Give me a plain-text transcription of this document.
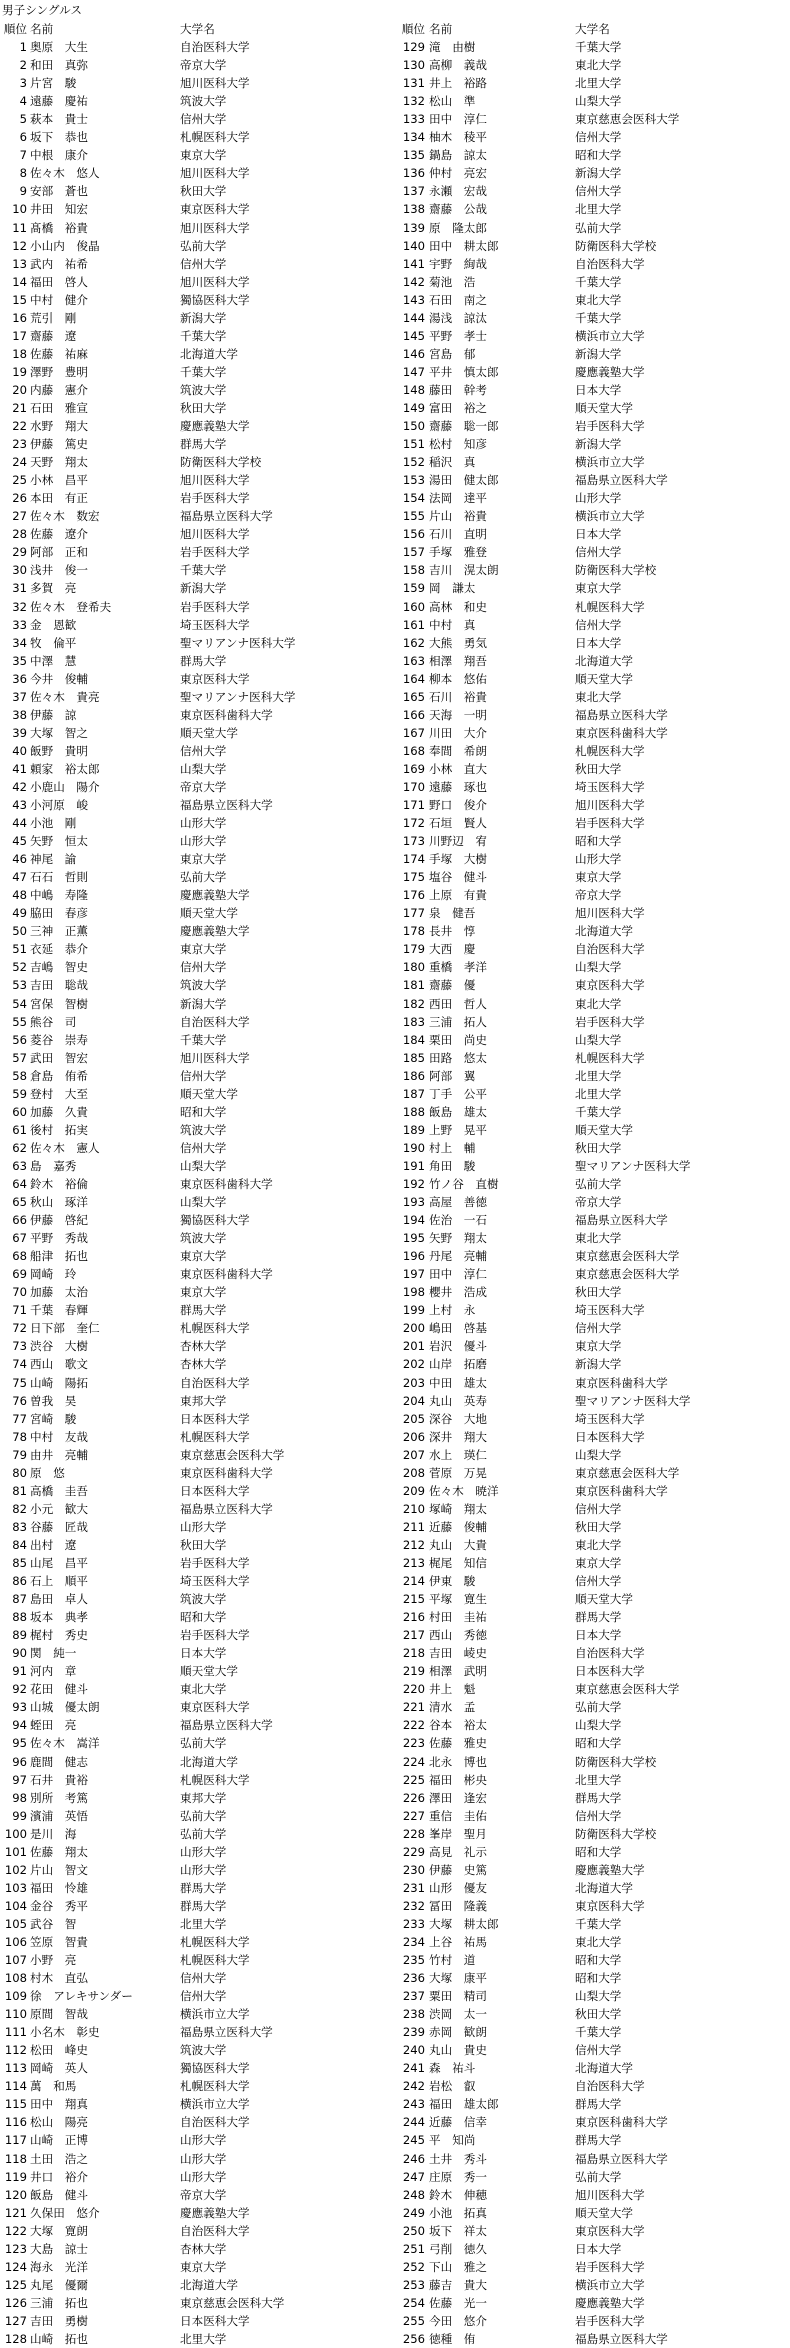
男子シングルス
順位 名前	大学名
1 奥原　大生	自治医科大学
2 和田　真弥	帝京大学
3 片宮　駿	旭川医科大学
4 遠藤　慶祐	筑波大学
5 萩本　貴士	信州大学
6 坂下　恭也	札幌医科大学
7 中根　康介	東京大学
8 佐々木　悠人	旭川医科大学
9 安部　蒼也	秋田大学
10 井田　知宏	東京医科大学
11 髙橋　裕貴	旭川医科大学
12 小山内　俊晶	弘前大学
13 武内　祐希	信州大学
14 福田　啓人	旭川医科大学
15 中村　健介	獨協医科大学
16 荒引　剛	新潟大学
17 齋藤　遼	千葉大学
18 佐藤　祐麻	北海道大学
19 澤野　豊明	千葉大学
20 内藤　憲介	筑波大学
21 石田　雅宣	秋田大学
22 水野　翔大	慶應義塾大学
23 伊藤　篤史	群馬大学
24 天野　翔太	防衛医科大学校
25 小林　昌平	旭川医科大学
26 本田　有正	岩手医科大学
27 佐々木　数宏	福島県立医科大学
28 佐藤　遼介	旭川医科大学
29 阿部　正和	岩手医科大学
30 浅井　俊一	千葉大学
31 多賀　亮	新潟大学
32 佐々木　登希夫	岩手医科大学
33 金　恩歓	埼玉医科大学
34 牧　倫平	聖マリアンナ医科大学
35 中澤　慧	群馬大学
36 今井　俊輔	東京医科大学
37 佐々木　貴亮	聖マリアンナ医科大学
38 伊藤　諒	東京医科歯科大学
39 大塚　智之	順天堂大学
40 飯野　貴明	信州大学
41 頼家　裕太郎	山梨大学
42 小鹿山　陽介	帝京大学
43 小河原　峻	福島県立医科大学
44 小池　剛	山形大学
45 矢野　恒太	山形大学
46 神尾　諭	東京大学
47 石石　哲則	弘前大学
48 中嶋　寿隆	慶應義塾大学
49 脇田　春彦	順天堂大学
50 三神　正薫	慶應義塾大学
51 衣延　恭介	東京大学
52 吉嶋　智史	信州大学
53 吉田　聡哉	筑波大学
54 宮保　智樹	新潟大学
55 熊谷　司	自治医科大学
56 菱谷　崇寿	千葉大学
57 武田　智宏	旭川医科大学
58 倉島　侑希	信州大学
59 登村　大至	順天堂大学
60 加藤　久貴	昭和大学
61 後村　拓実	筑波大学
62 佐々木　憲人	信州大学
63 島　嘉秀	山梨大学
64 鈴木　裕倫	東京医科歯科大学
65 秋山　琢洋	山梨大学
66 伊藤　啓紀	獨協医科大学
67 平野　秀哉	筑波大学
68 船津　拓也	東京大学
69 岡崎　玲	東京医科歯科大学
70 加藤　太治	東京大学
71 千葉　春輝	群馬大学
72 日下部　奎仁	札幌医科大学
73 渋谷　大樹	杏林大学
74 西山　歌文	杏林大学
75 山崎　陽拓	自治医科大学
76 曽我　昊	東邦大学
77 宮崎　駿	日本医科大学
78 中村　友哉	札幌医科大学
79 由井　亮輔	東京慈恵会医科大学
80 原　悠	東京医科歯科大学
81 高橋　圭吾	日本医科大学
82 小元　歓大	福島県立医科大学
83 谷藤　匠哉	山形大学
84 出村　遼	秋田大学
85 山尾　昌平	岩手医科大学
86 石上　順平	埼玉医科大学
87 島田　卓人	筑波大学
88 坂本　典孝	昭和大学
89 梶村　秀史	岩手医科大学
90 関　純一	日本大学
91 河内　章	順天堂大学
92 花田　健斗	東北大学
93 山城　優太朗	東京医科大学
94 蛭田　亮	福島県立医科大学
95 佐々木　嵩洋	弘前大学
96 鹿間　健志	北海道大学
97 石井　貴裕	札幌医科大学
98 別所　考篤	東邦大学
99 濱浦　英悟	弘前大学
100 是川　海	弘前大学
101 佐藤　翔太	山形大学
102 片山　智文	山形大学
103 福田　怜雄	群馬大学
104 金谷　秀平	群馬大学
105 武谷　智	北里大学
106 笠原　智貴	札幌医科大学
107 小野　亮	札幌医科大学
108 村木　直弘	信州大学
109 徐　アレキサンダー	信州大学
110 原間　智哉	横浜市立大学
111 小名木　彰史	福島県立医科大学
112 松田　峰史	筑波大学
113 岡崎　英人	獨協医科大学
114 萬　和馬	札幌医科大学
115 田中　翔真	横浜市立大学
116 松山　陽亮	自治医科大学
117 山崎　正博	山形大学
118 土田　浩之	山形大学
119 井口　裕介	山形大学
120 飯島　健斗	帝京大学
121 久保田　悠介	慶應義塾大学
122 大塚　寛朗	自治医科大学
123 大島　諒士	杏林大学
124 海永　光洋	東京大学
125 丸尾　優爾	北海道大学
126 三浦　拓也	東京慈恵会医科大学
127 吉田　勇樹	日本医科大学
128 山崎　拓也	北里大学
順位 名前	大学名
129 滝　由樹	千葉大学
130 高柳　義哉	東北大学
131 井上　裕路	北里大学
132 松山　準	山梨大学
133 田中　淳仁	東京慈恵会医科大学
134 柚木　稜平	信州大学
135 鍋島　諒太	昭和大学
136 仲村　亮宏	新潟大学
137 永瀬　宏哉	信州大学
138 齋藤　公哉	北里大学
139 原　隆太郎	弘前大学
140 田中　耕太郎	防衛医科大学校
141 宇野　絢哉	自治医科大学
142 菊池　浩	千葉大学
143 石田　南之	東北大学
144 湯浅　諒汰	千葉大学
145 平野　孝士	横浜市立大学
146 宮島　郁	新潟大学
147 平井　慎太郎	慶應義塾大学
148 藤田　幹考	日本大学
149 富田　裕之	順天堂大学
150 齋藤　聡一郎	岩手医科大学
151 松村　知彦	新潟大学
152 稲沢　真	横浜市立大学
153 湯田　健太郎	福島県立医科大学
154 法岡　達平	山形大学
155 片山　裕貴	横浜市立大学
156 石川　直明	日本大学
157 手塚　雅登	信州大学
158 吉川　滉太朗	防衛医科大学校
159 岡　謙太	東京大学
160 高林　和史	札幌医科大学
161 中村　真	信州大学
162 大熊　勇気	日本大学
163 相澤　翔吾	北海道大学
164 柳本　悠佑	順天堂大学
165 石川　裕貴	東北大学
166 天海　一明	福島県立医科大学
167 川田　大介	東京医科歯科大学
168 奉間　希朗	札幌医科大学
169 小林　直大	秋田大学
170 遠藤　琢也	埼玉医科大学
171 野口　俊介	旭川医科大学
172 石垣　賢人	岩手医科大学
173 川野辺　宥	昭和大学
174 手塚　大樹	山形大学
175 塩谷　健斗	東京大学
176 上原　有貴	帝京大学
177 泉　健吾	旭川医科大学
178 長井　惇	北海道大学
179 大西　慶	自治医科大学
180 重橋　孝洋	山梨大学
181 齋藤　優	東京医科大学
182 西田　哲人	東北大学
183 三浦　拓人	岩手医科大学
184 栗田　尚史	山梨大学
185 田路　悠太	札幌医科大学
186 阿部　翼	北里大学
187 丁手　公平	北里大学
188 飯島　雄太	千葉大学
189 上野　晃平	順天堂大学
190 村上　輔	秋田大学
191 角田　駿	聖マリアンナ医科大学
192 竹ノ谷　直樹	弘前大学
193 高屋　善徳	帝京大学
194 佐治　一石	福島県立医科大学
195 矢野　翔太	東北大学
196 丹尾　亮輔	東京慈恵会医科大学
197 田中　淳仁	東京慈恵会医科大学
198 櫻井　浩成	秋田大学
199 上村　永	埼玉医科大学
200 嶋田　啓基	信州大学
201 岩沢　優斗	東京大学
202 山岸　拓磨	新潟大学
203 中田　雄太	東京医科歯科大学
204 丸山　英寿	聖マリアンナ医科大学
205 深谷　大地	埼玉医科大学
206 深井　翔大	日本医科大学
207 水上　瑛仁	山梨大学
208 菅原　万晃	東京慈恵会医科大学
209 佐々木　暁洋	東京医科歯科大学
210 塚崎　翔太	信州大学
211 近藤　俊輔	秋田大学
212 丸山　大貴	東北大学
213 梶尾　知信	東京大学
214 伊東　駿	信州大学
215 平塚　寛生	順天堂大学
216 村田　圭祐	群馬大学
217 西山　秀徳	日本大学
218 吉田　崚史	自治医科大学
219 相澤　武明	日本医科大学
220 井上　魁	東京慈恵会医科大学
221 清水　孟	弘前大学
222 谷本　裕太	山梨大学
223 佐藤　雅史	昭和大学
224 北永　博也	防衛医科大学校
225 福田　彬央	北里大学
226 澤田　逢宏	群馬大学
227 重信　圭佑	信州大学
228 峯岸　聖月	防衛医科大学校
229 高見　礼示	昭和大学
230 伊藤　史篤	慶應義塾大学
231 山形　優友	北海道大学
232 冨田　隆義	東京医科大学
233 大塚　耕太郎	千葉大学
234 上谷　祐馬	東北大学
235 竹村　道	昭和大学
236 大塚　康平	昭和大学
237 粟田　精司	山梨大学
238 渋岡　太一	秋田大学
239 赤岡　歓朗	千葉大学
240 丸山　貴史	信州大学
241 森　祐斗	北海道大学
242 岩松　叡	自治医科大学
243 福田　雄太郎	群馬大学
244 近藤　信幸	東京医科歯科大学
245 平　知尚	群馬大学
246 土井　秀斗	福島県立医科大学
247 庄原　秀一	弘前大学
248 鈴木　伸穂	旭川医科大学
249 小池　拓真	順天堂大学
250 坂下　祥太	東京医科大学
251 弓削　徳久	日本大学
252 下山　雅之	岩手医科大学
253 藤吉　貴大	横浜市立大学
254 佐藤　光一	慶應義塾大学
255 今田　悠介	岩手医科大学
256 徳種　侑	福島県立医科大学
